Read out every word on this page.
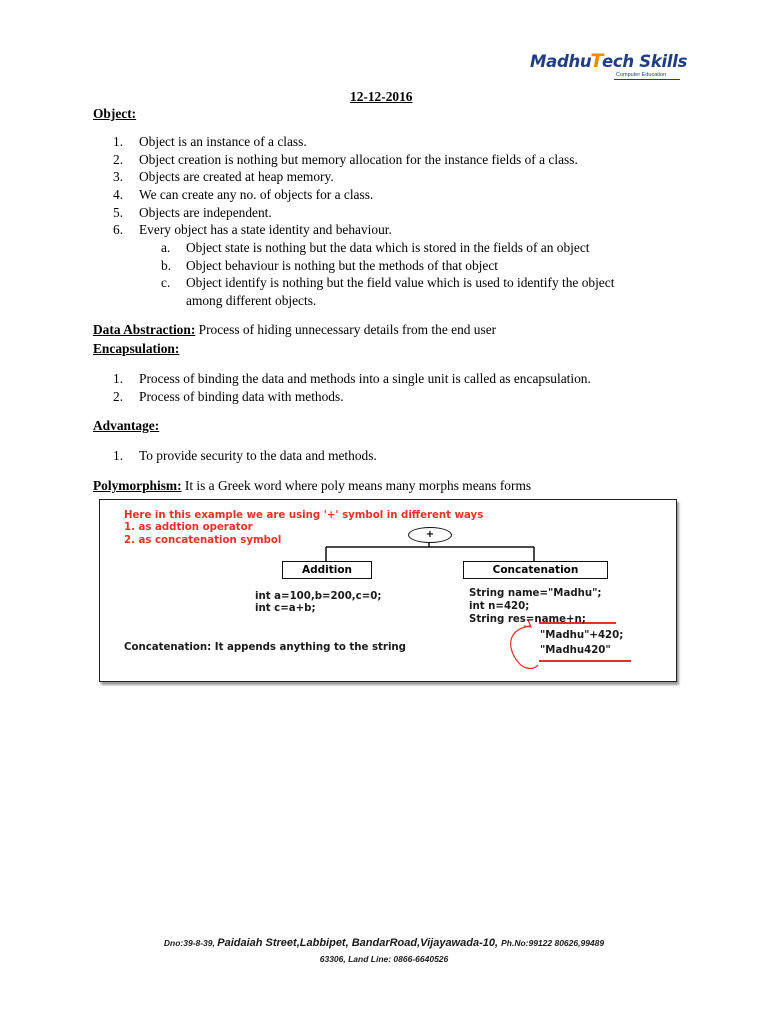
MadhuTech Skills
Computer Education
12-12-2016
Object:
1.	Object is an instance of a class.
2.	Object creation is nothing but memory allocation for the instance fields of a class.
3.	Objects are created at heap memory.
4.	We can create any no. of objects for a class.
5.	Objects are independent.
6.	Every object has a state identity and behaviour.
a. Object state is nothing but the data which is stored in the fields of an object
b. Object behaviour is nothing but the methods of that object
c. Object identify is nothing but the field value which is used to identify the object
among different objects.
Data Abstraction: Process of hiding unnecessary details from the end user
Encapsulation:
1.	Process of binding the data and methods into a single unit is called as encapsulation.
2.	Process of binding data with methods.
Advantage:
1.	To provide security to the data and methods.
Polymorphism: It is a Greek word where poly means many morphs means forms
Here in this example we are using '+' symbol in different ways
1. as addtion operator
2. as concatenation symbol
+
Addition	Concatenation
int a=100,b=200,c=0;
int c=a+b;
String name="Madhu";
int n=420;
String res=name+n;
"Madhu"+420;
"Madhu420"
Concatenation: It appends anything to the string
Dno:39-8-39, Paidaiah Street,Labbipet, BandarRoad,Vijayawada-10, Ph.No:99122 80626,99489
63306, Land Line: 0866-6640526
